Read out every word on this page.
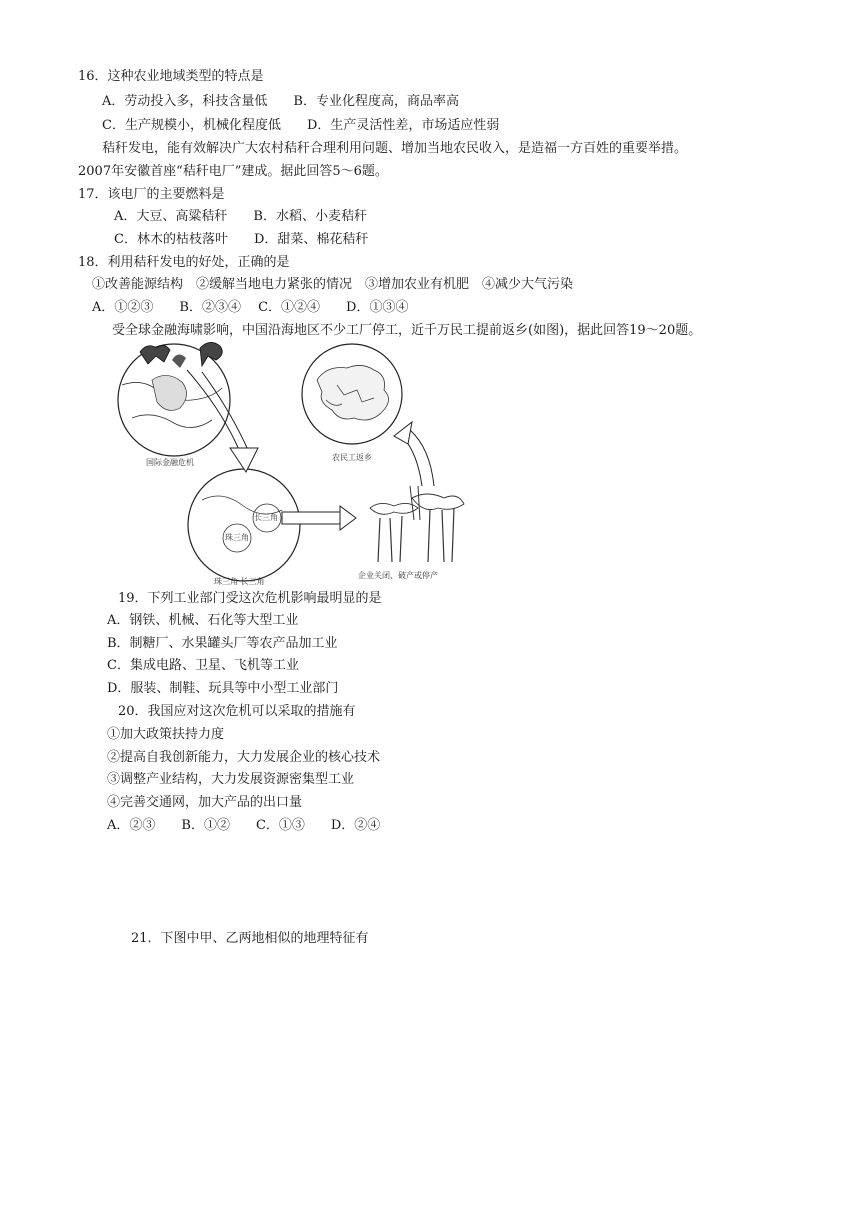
16．这种农业地域类型的特点是
A．劳动投入多，科技含量低　　B．专业化程度高，商品率高
C．生产规模小，机械化程度低　　D．生产灵活性差，市场适应性弱
秸秆发电，能有效解决广大农村秸秆合理利用问题、增加当地农民收入，是造福一方百姓的重要举措。
2007年安徽首座“秸秆电厂”建成。据此回答5～6题。
17．该电厂的主要燃料是
A．大豆、高粱秸秆　　B．水稻、小麦秸秆
C．林木的枯枝落叶　　D．甜菜、棉花秸秆
18．利用秸秆发电的好处，正确的是
①改善能源结构　②缓解当地电力紧张的情况　③增加农业有机肥　④减少大气污染
A．①②③　　B．②③④　 C．①②④　　D．①③④
受全球金融海啸影响，中国沿海地区不少工厂停工，近千万民工提前返乡(如图)，据此回答19～20题。
国际金融危机
农民工返乡
长三角
珠三角
珠三角 长三角
企业关闭、破产或停产
19．下列工业部门受这次危机影响最明显的是
A．钢铁、机械、石化等大型工业
B．制糖厂、水果罐头厂等农产品加工业
C．集成电路、卫星、飞机等工业
D．服装、制鞋、玩具等中小型工业部门
20．我国应对这次危机可以采取的措施有
①加大政策扶持力度
②提高自我创新能力，大力发展企业的核心技术
③调整产业结构，大力发展资源密集型工业
④完善交通网，加大产品的出口量
A．②③　　B．①②　　C．①③　　D．②④
21．下图中甲、乙两地相似的地理特征有
